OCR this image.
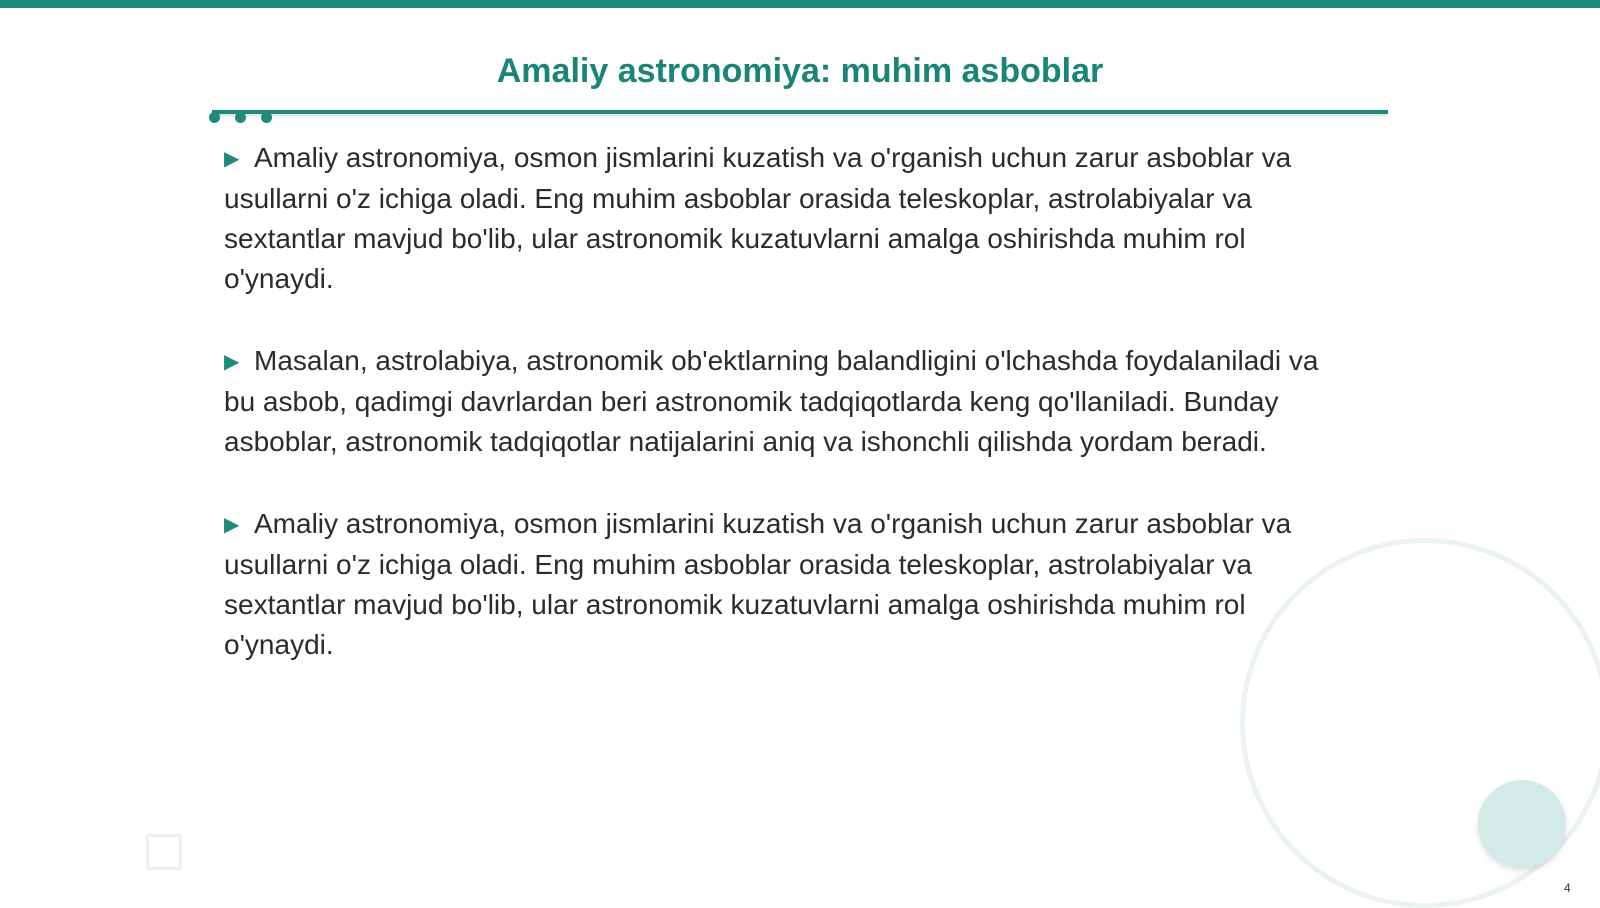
Amaliy astronomiya: muhim asboblar

▶ Amaliy astronomiya, osmon jismlarini kuzatish va o'rganish uchun zarur asboblar va usullarni o'z ichiga oladi. Eng muhim asboblar orasida teleskoplar, astrolabiyalar va sextantlar mavjud bo'lib, ular astronomik kuzatuvlarni amalga oshirishda muhim rol o'ynaydi.

▶ Masalan, astrolabiya, astronomik ob'ektlarning balandligini o'lchashda foydalaniladi va bu asbob, qadimgi davrlardan beri astronomik tadqiqotlarda keng qo'llaniladi. Bunday asboblar, astronomik tadqiqotlar natijalarini aniq va ishonchli qilishda yordam beradi.

▶ Amaliy astronomiya, osmon jismlarini kuzatish va o'rganish uchun zarur asboblar va usullarni o'z ichiga oladi. Eng muhim asboblar orasida teleskoplar, astrolabiyalar va sextantlar mavjud bo'lib, ular astronomik kuzatuvlarni amalga oshirishda muhim rol o'ynaydi.

4
